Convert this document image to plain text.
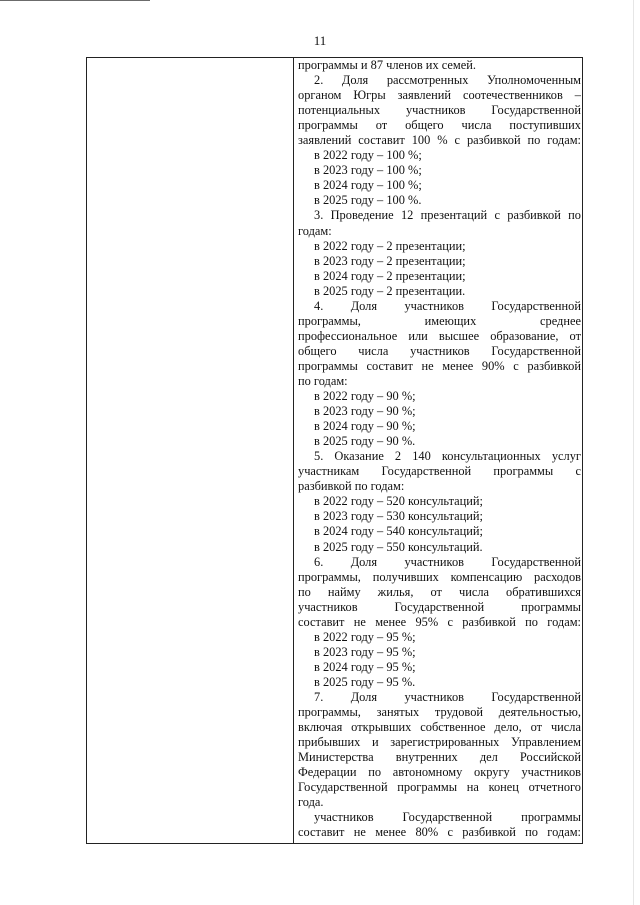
11
программы и 87 членов их семей.
2. Доля рассмотренных Уполномоченным
органом Югры заявлений соотечественников –
потенциальных участников Государственной
программы от общего числа поступивших
заявлений составит 100 % с разбивкой по годам:
в 2022 году – 100 %;
в 2023 году – 100 %;
в 2024 году – 100 %;
в 2025 году – 100 %.
3. Проведение 12 презентаций с разбивкой по
годам:
в 2022 году – 2 презентации;
в 2023 году – 2 презентации;
в 2024 году – 2 презентации;
в 2025 году – 2 презентации.
4. Доля участников Государственной
программы, имеющих среднее
профессиональное или высшее образование, от
общего числа участников Государственной
программы составит не менее 90% с разбивкой
по годам:
в 2022 году – 90 %;
в 2023 году – 90 %;
в 2024 году – 90 %;
в 2025 году – 90 %.
5. Оказание 2 140 консультационных услуг
участникам Государственной программы с
разбивкой по годам:
в 2022 году – 520 консультаций;
в 2023 году – 530 консультаций;
в 2024 году – 540 консультаций;
в 2025 году – 550 консультаций.
6. Доля участников Государственной
программы, получивших компенсацию расходов
по найму жилья, от числа обратившихся
участников Государственной программы
составит не менее 95% с разбивкой по годам:
в 2022 году – 95 %;
в 2023 году – 95 %;
в 2024 году – 95 %;
в 2025 году – 95 %.
7. Доля участников Государственной
программы, занятых трудовой деятельностью,
включая открывших собственное дело, от числа
прибывших и зарегистрированных Управлением
Министерства внутренних дел Российской
Федерации по автономному округу участников
Государственной программы на конец отчетного
года.
участников Государственной программы
составит не менее 80% с разбивкой по годам:
